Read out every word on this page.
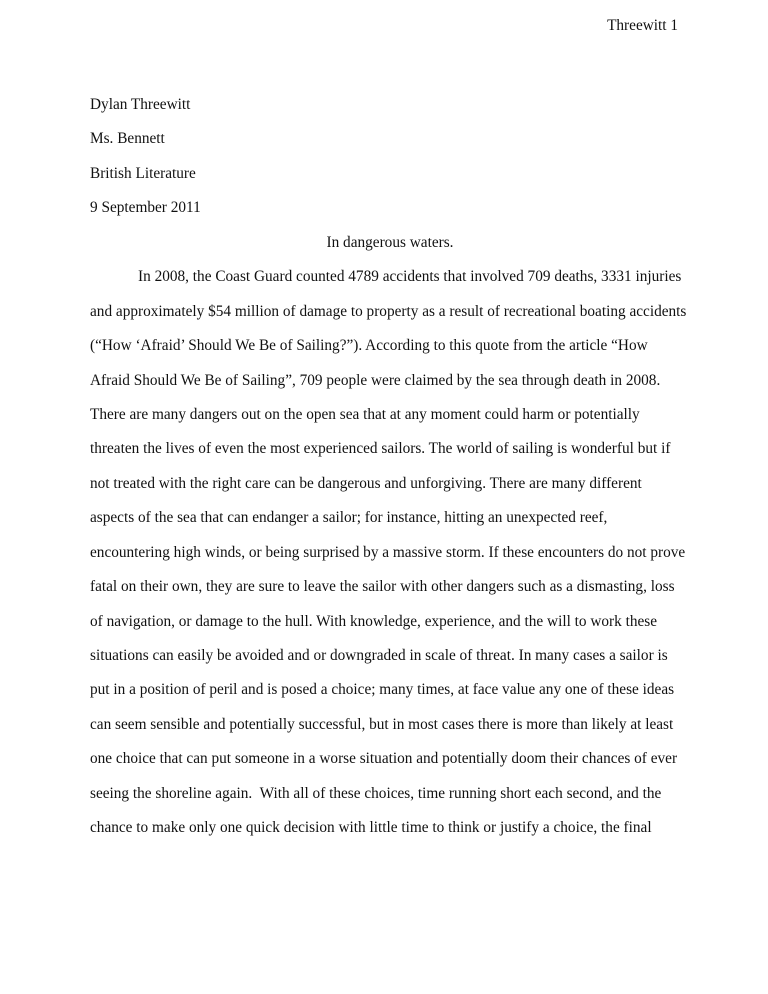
Threewitt 1
Dylan Threewitt
Ms. Bennett
British Literature
9 September 2011
In dangerous waters.
In 2008, the Coast Guard counted 4789 accidents that involved 709 deaths, 3331 injuries
and approximately $54 million of damage to property as a result of recreational boating accidents
(“How ‘Afraid’ Should We Be of Sailing?”). According to this quote from the article “How
Afraid Should We Be of Sailing”, 709 people were claimed by the sea through death in 2008.
There are many dangers out on the open sea that at any moment could harm or potentially
threaten the lives of even the most experienced sailors. The world of sailing is wonderful but if
not treated with the right care can be dangerous and unforgiving. There are many different
aspects of the sea that can endanger a sailor; for instance, hitting an unexpected reef,
encountering high winds, or being surprised by a massive storm. If these encounters do not prove
fatal on their own, they are sure to leave the sailor with other dangers such as a dismasting, loss
of navigation, or damage to the hull. With knowledge, experience, and the will to work these
situations can easily be avoided and or downgraded in scale of threat. In many cases a sailor is
put in a position of peril and is posed a choice; many times, at face value any one of these ideas
can seem sensible and potentially successful, but in most cases there is more than likely at least
one choice that can put someone in a worse situation and potentially doom their chances of ever
seeing the shoreline again.  With all of these choices, time running short each second, and the
chance to make only one quick decision with little time to think or justify a choice, the final
